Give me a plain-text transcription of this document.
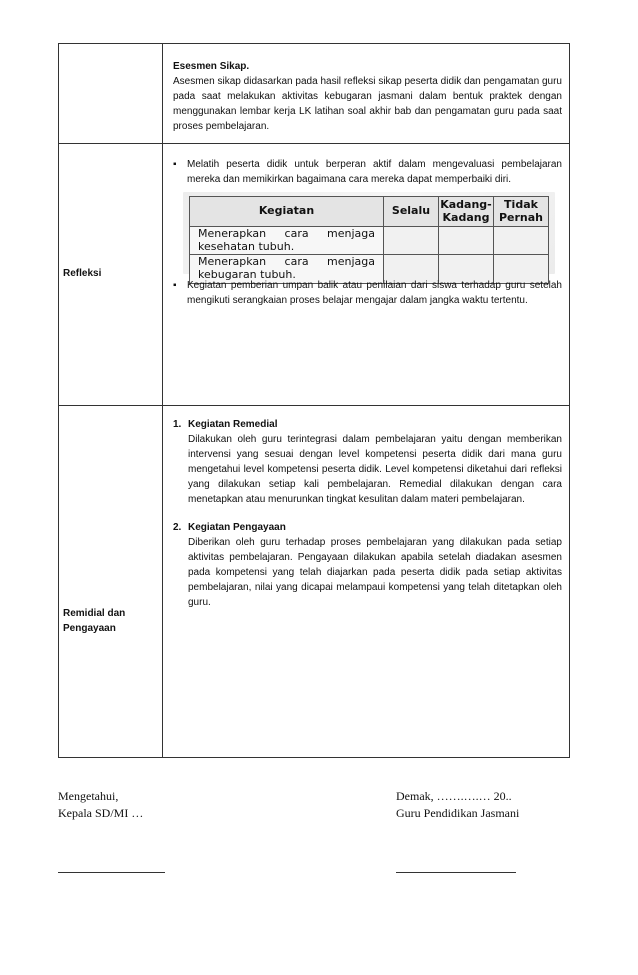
Esesmen Sikap.
Asesmen sikap didasarkan pada hasil refleksi sikap peserta didik dan pengamatan guru pada saat melakukan aktivitas kebugaran jasmani dalam bentuk praktek dengan menggunakan lembar kerja LK latihan soal akhir bab dan pengamatan guru pada saat proses pembelajaran.

Refleksi	
▪ Melatih peserta didik untuk berperan aktif dalam mengevaluasi pembelajaran mereka dan memikirkan bagaimana cara mereka dapat memperbaiki diri.
Kegiatan	Selalu	Kadang-Kadang	Tidak Pernah
Menerapkan cara menjaga kesehatan tubuh.			
Menerapkan cara menjaga kebugaran tubuh.			
▪ Kegiatan pemberian umpan balik atau penilaian dari siswa terhadap guru setelah mengikuti serangkaian proses belajar mengajar dalam jangka waktu tertentu.

Remidial dan Pengayaan	
1. Kegiatan Remedial
Dilakukan oleh guru terintegrasi dalam pembelajaran yaitu dengan memberikan intervensi yang sesuai dengan level kompetensi peserta didik dari mana guru mengetahui level kompetensi peserta didik. Level kompetensi diketahui dari refleksi yang dilakukan setiap kali pembelajaran. Remedial dilakukan dengan cara menetapkan atau menurunkan tingkat kesulitan dalam materi pembelajaran.
2. Kegiatan Pengayaan
Diberikan oleh guru terhadap proses pembelajaran yang dilakukan pada setiap aktivitas pembelajaran. Pengayaan dilakukan apabila setelah diadakan asesmen pada kompetensi yang telah diajarkan pada peserta didik pada setiap aktivitas pembelajaran, nilai yang dicapai melampaui kompetensi yang telah ditetapkan oleh guru.
Mengetahui,
Kepala SD/MI …
Demak, …….….… 20..
Guru Pendidikan Jasmani
